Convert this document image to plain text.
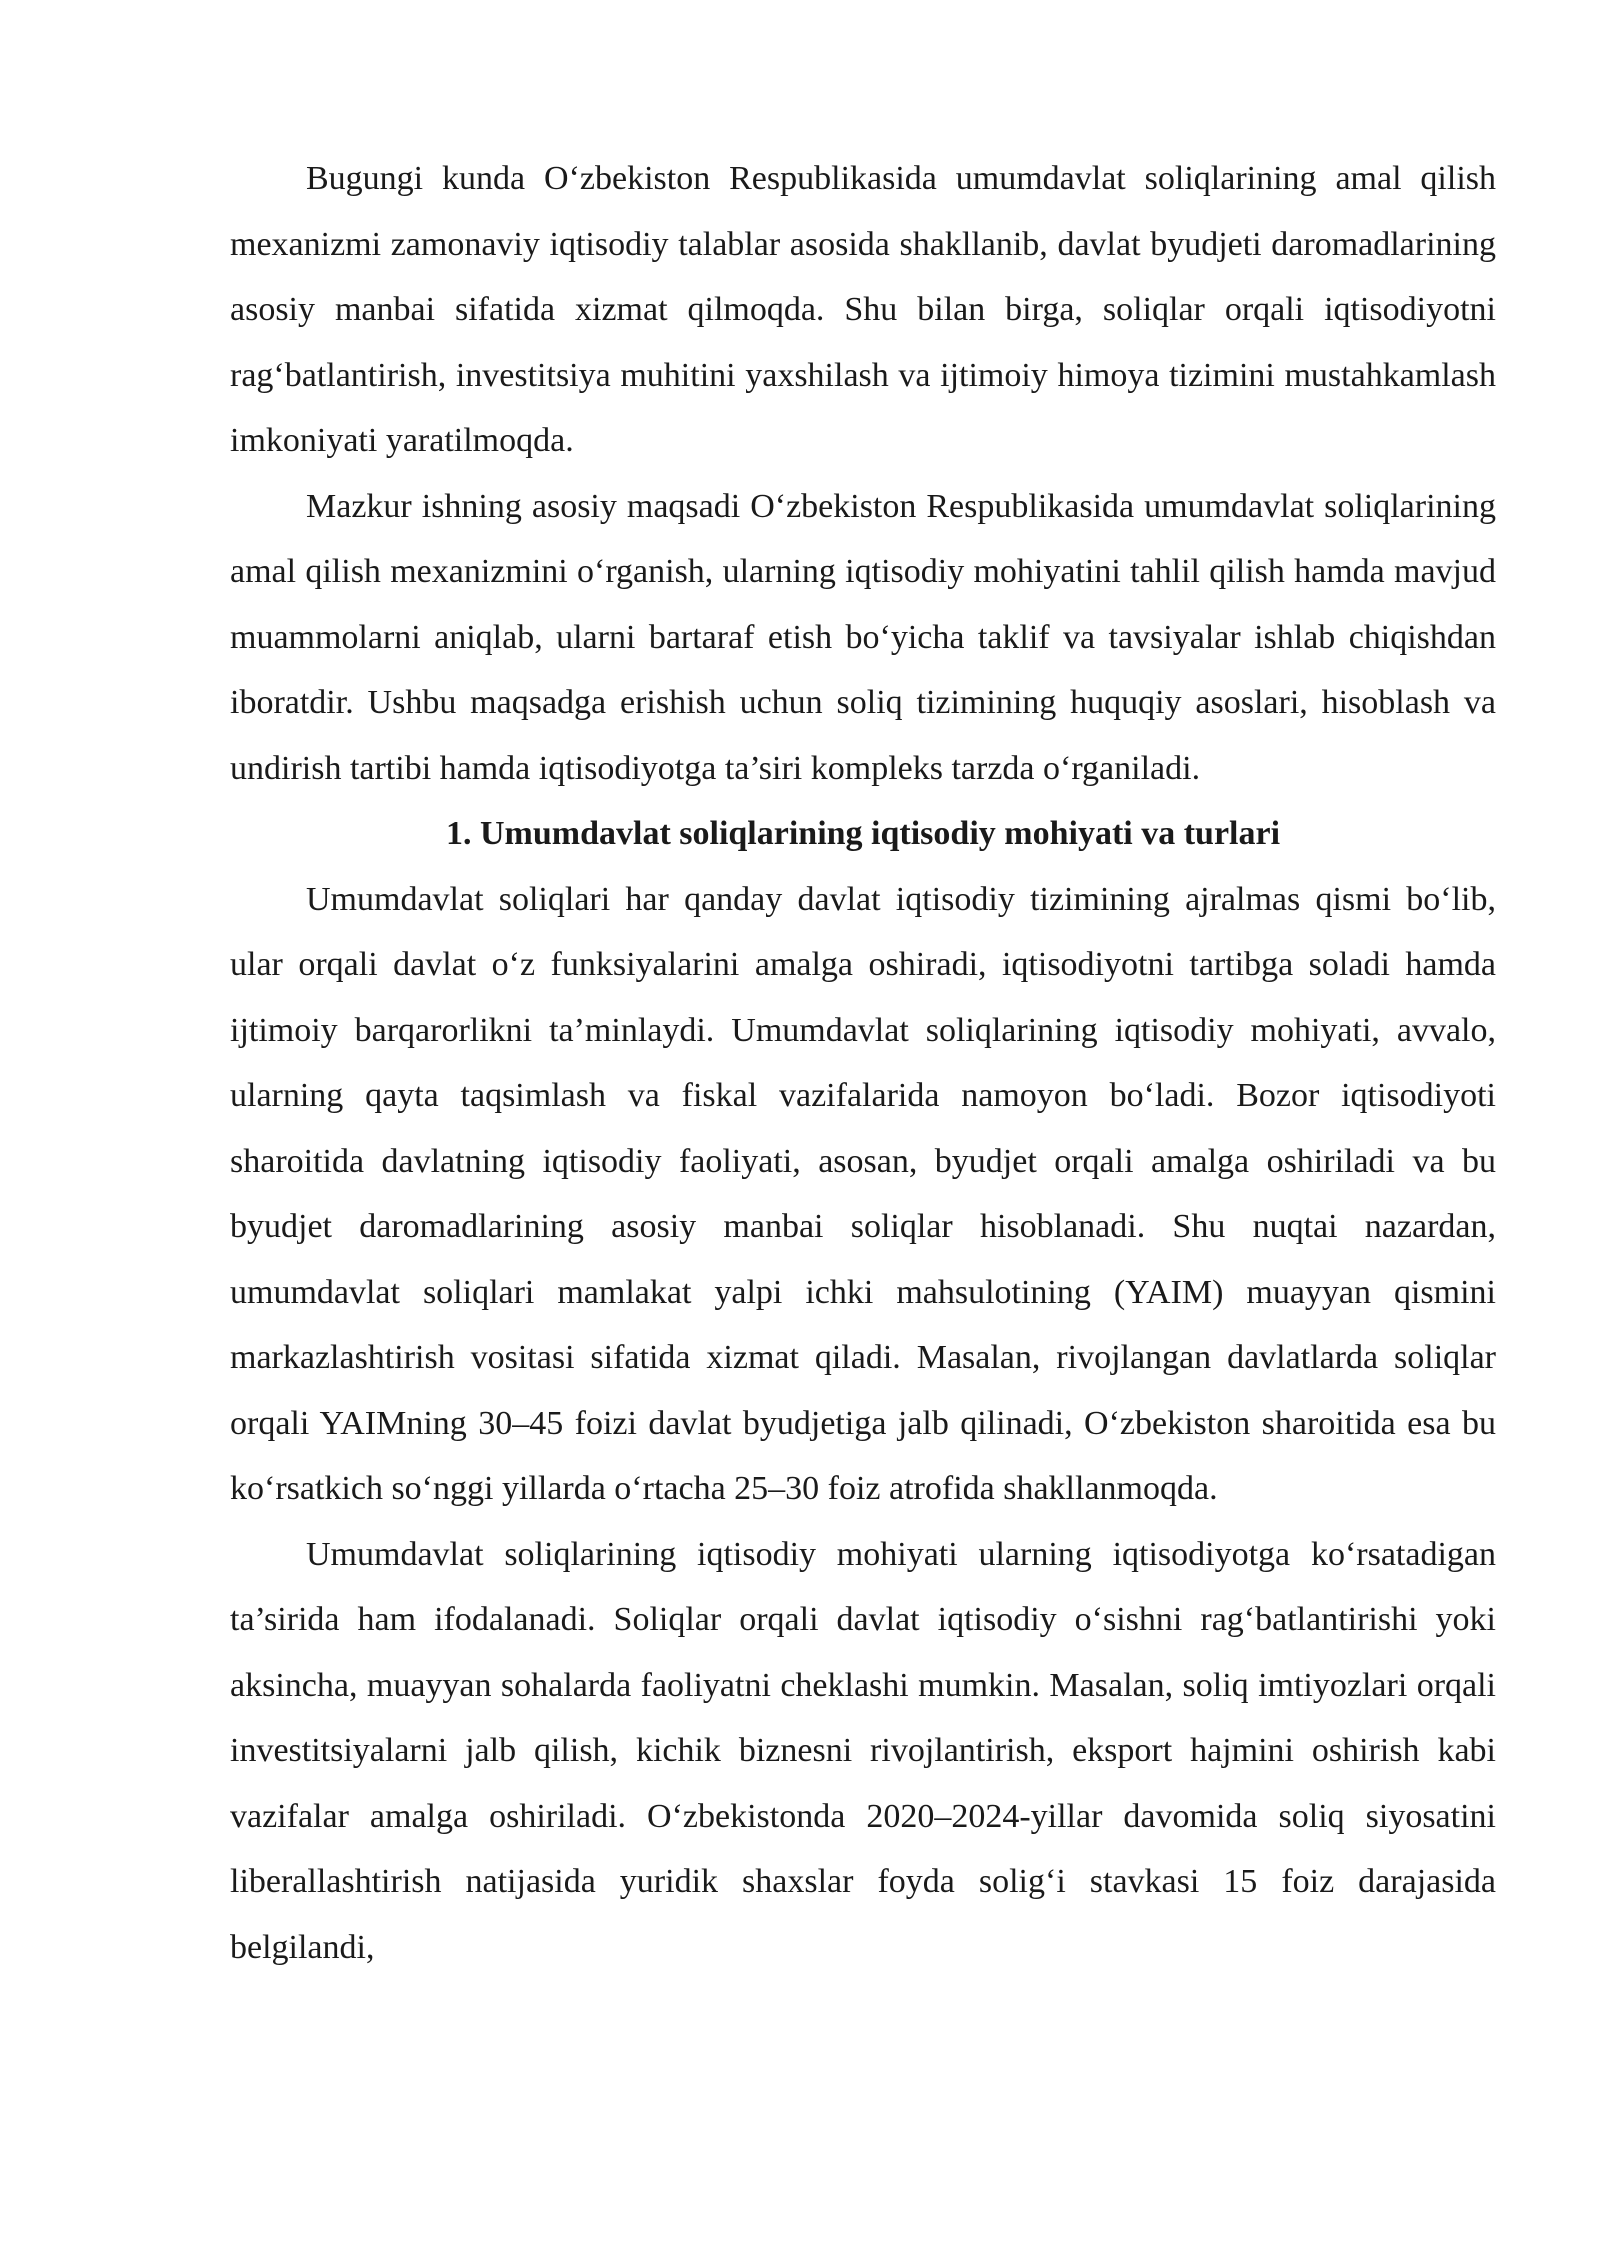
Bugungi kunda O‘zbekiston Respublikasida umumdavlat soliqlarining amal qilish mexanizmi zamonaviy iqtisodiy talablar asosida shakllanib, davlat byudjeti daromadlarining asosiy manbai sifatida xizmat qilmoqda. Shu bilan birga, soliqlar orqali iqtisodiyotni rag‘batlantirish, investitsiya muhitini yaxshilash va ijtimoiy himoya tizimini mustahkamlash imkoniyati yaratilmoqda.

Mazkur ishning asosiy maqsadi O‘zbekiston Respublikasida umumdavlat soliqlarining amal qilish mexanizmini o‘rganish, ularning iqtisodiy mohiyatini tahlil qilish hamda mavjud muammolarni aniqlab, ularni bartaraf etish bo‘yicha taklif va tavsiyalar ishlab chiqishdan iboratdir. Ushbu maqsadga erishish uchun soliq tizimining huquqiy asoslari, hisoblash va undirish tartibi hamda iqtisodiyotga ta’siri kompleks tarzda o‘rganiladi.

1. Umumdavlat soliqlarining iqtisodiy mohiyati va turlari

Umumdavlat soliqlari har qanday davlat iqtisodiy tizimining ajralmas qismi bo‘lib, ular orqali davlat o‘z funksiyalarini amalga oshiradi, iqtisodiyotni tartibga soladi hamda ijtimoiy barqarorlikni ta’minlaydi. Umumdavlat soliqlarining iqtisodiy mohiyati, avvalo, ularning qayta taqsimlash va fiskal vazifalarida namoyon bo‘ladi. Bozor iqtisodiyoti sharoitida davlatning iqtisodiy faoliyati, asosan, byudjet orqali amalga oshiriladi va bu byudjet daromadlarining asosiy manbai soliqlar hisoblanadi. Shu nuqtai nazardan, umumdavlat soliqlari mamlakat yalpi ichki mahsulotining (YAIM) muayyan qismini markazlashtirish vositasi sifatida xizmat qiladi. Masalan, rivojlangan davlatlarda soliqlar orqali YAIMning 30–45 foizi davlat byudjetiga jalb qilinadi, O‘zbekiston sharoitida esa bu ko‘rsatkich so‘nggi yillarda o‘rtacha 25–30 foiz atrofida shakllanmoqda.

Umumdavlat soliqlarining iqtisodiy mohiyati ularning iqtisodiyotga ko‘rsatadigan ta’sirida ham ifodalanadi. Soliqlar orqali davlat iqtisodiy o‘sishni rag‘batlantirishi yoki aksincha, muayyan sohalarda faoliyatni cheklashi mumkin. Masalan, soliq imtiyozlari orqali investitsiyalarni jalb qilish, kichik biznesni rivojlantirish, eksport hajmini oshirish kabi vazifalar amalga oshiriladi. O‘zbekistonda 2020–2024-yillar davomida soliq siyosatini liberallashtirish natijasida yuridik shaxslar foyda solig‘i stavkasi 15 foiz darajasida belgilandi,
